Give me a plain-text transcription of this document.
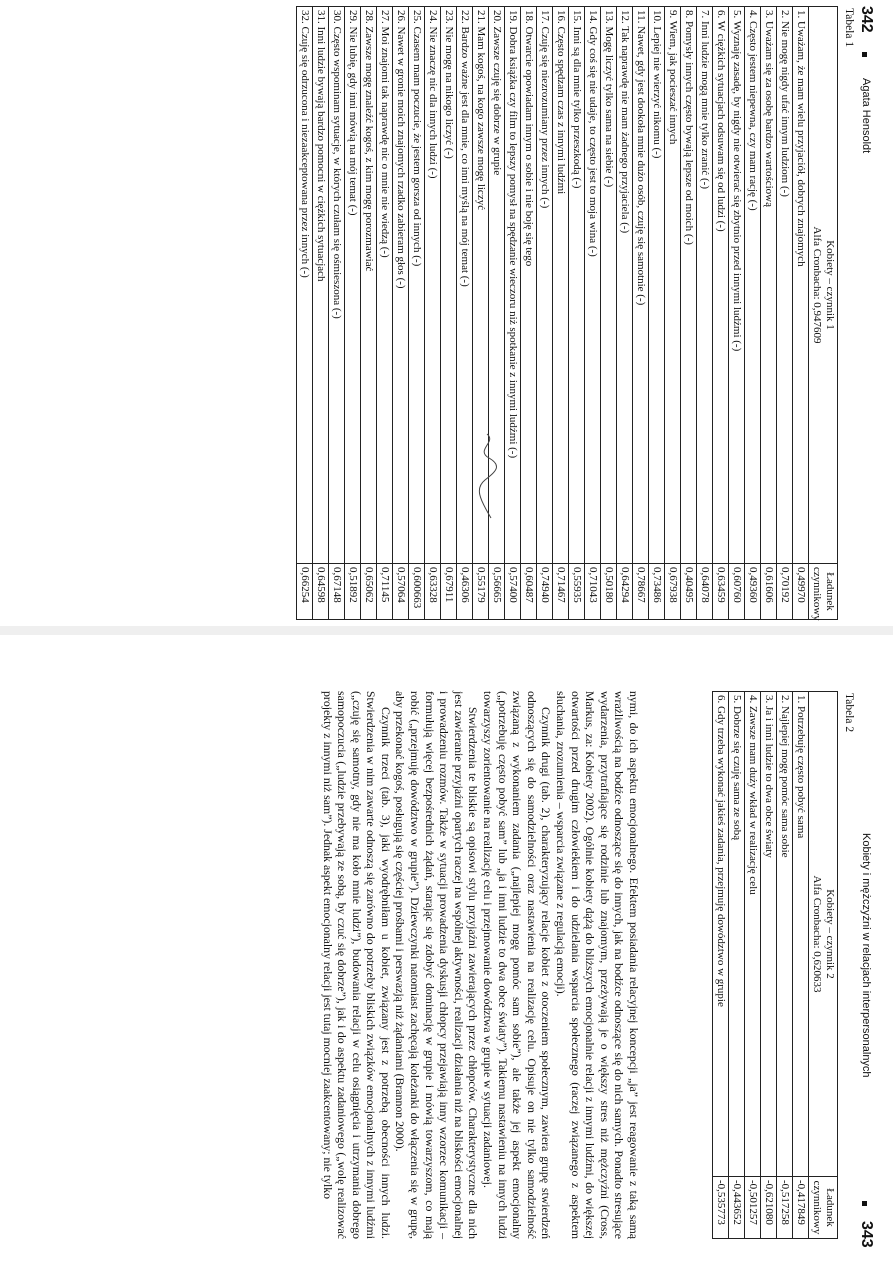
342
Agata Hensoldt
Tabela 1
Kobiety – czynnik 1
Alfa Cronbacha: 0,947609	Ładunek czynnikowy
1. Uważam, że mam wielu przyjaciół, dobrych znajomych	0,49970
2. Nie mogę nigdy ufać innym ludziom (-)	0,70192
3. Uważam się za osobę bardzo wartościową	0,61606
4. Często jestem niepewna, czy mam rację (-)	0,49360
5. Wyznaję zasadę, by nigdy nie otwierać się zbytnio przed innymi ludźmi (-)	0,60760
6. W ciężkich sytuacjach odsuwam się od ludzi (-)	0,63459
7. Inni ludzie mogą mnie tylko zranić (-)	0,64078
8. Pomysły innych często bywają lepsze od moich (-)	0,40495
9. Wiem, jak pocieszać innych	0,67938
10. Lepiej nie wierzyć nikomu (-)	0,73486
11. Nawet, gdy jest dookoła mnie dużo osób, czuję się samotnie (-)	0,78667
12. Tak naprawdę nie mam żadnego przyjaciela (-)	0,64294
13. Mogę liczyć tylko sama na siebie (-)	0,50180
14. Gdy coś się nie udaje, to często jest to moja wina (-)	0,71043
15. Inni są dla mnie tylko przeszkodą (-)	0,55935
16. Często spędzam czas z innymi ludźmi	0,71467
17. Czuję się niezrozumiany przez innych (-)	0,74940
18. Otwarcie opowiadam innym o sobie i nie boję się tego	0,60487
19. Dobra książka czy film to lepszy pomysł na spędzanie wieczoru niż spotkanie z innymi ludźmi (-)	0,57400
20. Zawsze czuję się dobrze w grupie	0,56665
21. Mam kogoś, na kogo zawsze mogę liczyć	0,55179
22. Bardzo ważne jest dla mnie, co inni myślą na mój temat (-)	0,46306
23. Nie mogę na nikogo liczyć (-)	0,67911
24. Nie znaczę nic dla innych ludzi (-)	0,63328
25. Czasem mam poczucie, że jestem gorsza od innych (-)	0,600663
26. Nawet w gronie moich znajomych rzadko zabieram głos (-)	0,57064
27. Moi znajomi tak naprawdę nic o mnie nie wiedzą (-)	0,71145
28. Zawsze mogę znaleźć kogoś, z kim mogę porozmawiać	0,65062
29. Nie lubię, gdy inni mówią na mój temat (-)	0,51892
30. Często wspominam sytuacje, w których czułam się ośmieszona (-)	0,67148
31. Inni ludzie bywają bardzo pomocni w ciężkich sytuacjach	0,64598
32. Czuję się odrzucona i niezaakceptowana przez innych (-)	0,66254
Kobiety i mężczyźni w relacjach interpersonalnych
343
Tabela 2
Kobiety – czynnik 2
Alfa Cronbacha: 0,620633	Ładunek czynnikowy
1. Potrzebuję często pobyć sama	-0,417849
2. Najlepiej mogę pomóc sama sobie	-0,517258
3. Ja i inni ludzie to dwa obce światy	-0,621080
4. Zawsze mam duży wkład w realizację celu	-0,501257
5. Dobrze się czuję sama ze sobą	-0,443652
6. Gdy trzeba wykonać jakieś zadania, przejmuję dowództwo w grupie	-0,535773

nymi, do ich aspektu emocjonalnego. Efektem posiadania relacyjnej koncepcji „ja” jest reagowanie z taką samą wrażliwością na bodźce odnoszące się do innych, jak na bodźce odnoszące się do nich samych. Ponadto stresujące wydarzenia, przytrafiające się rodzinie lub znajomym, przeżywają je o większy stres niż mężczyźni (Cross, Markus, za: Kobiety 2002). Ogólnie kobiety dążą do bliższych emocjonalnie relacji z innymi ludźmi, do większej otwartości przed drugim człowiekiem i do udzielania wsparcia społecznego (raczej związanego z aspektem słuchania, zrozumienia – wsparcia związane z regulacją emocji).

Czynnik drugi (tab. 2), charakteryzujący relacje kobiet z otoczeniem społecznym, zawiera grupę stwierdzeń odnoszących się do samodzielności oraz nastawienia na realizację celu. Opisuje on nie tylko samodzielność związaną z wykonaniem zadania („najlepiej mogę pomóc sam sobie”), ale także jej aspekt emocjonalny („potrzebuję często pobyć sam” lub „ja i inni ludzie to dwa obce światy”). Takiemu nastawieniu na innych ludzi towarzyszy zorientowanie na realizację celu i przejmowanie dowództwa w grupie w sytuacji zadaniowej.

Stwierdzenia te bliskie są opisowi stylu przyjaźni zawierających przez chłopców. Charakterystyczne dla nich jest zawieranie przyjaźni opartych raczej na wspólnej aktywności, realizacji działania niż na bliskości emocjonalnej i prowadzeniu rozmów. Także w sytuacji prowadzenia dyskusji chłopcy przejawiają inny wzorzec komunikacji – formułują więcej bezpośrednich żądań, starając się zdobyć dominację w grupie i mówią towarzyszom, co mają robić („przejmuję dowództwo w grupie”). Dziewczynki natomiast zachęcają koleżanki do włączenia się w grupę, aby przekonać kogoś, posługują się częściej prośbami i perswazją niż żądaniami (Brannon 2000).

Czynnik trzeci (tab. 3), jaki wyodrębniłam u kobiet, związany jest z potrzebą obecności innych ludzi. Stwierdzenia w nim zawarte odnoszą się zarówno do potrzeby bliskich związków emocjonalnych z innymi ludźmi („czuję się samotny, gdy nie ma koło mnie ludzi”), budowania relacji w celu osiągnięcia i utrzymania dobrego samopoczucia („ludzie przebywają ze sobą, by czuć się dobrze”), jak i do aspektu zadaniowego („wolę realizować projekty z innymi niż sam”). Jednak aspekt emocjonalny relacji jest tutaj mocniej zaakcentowany; nie tylko
